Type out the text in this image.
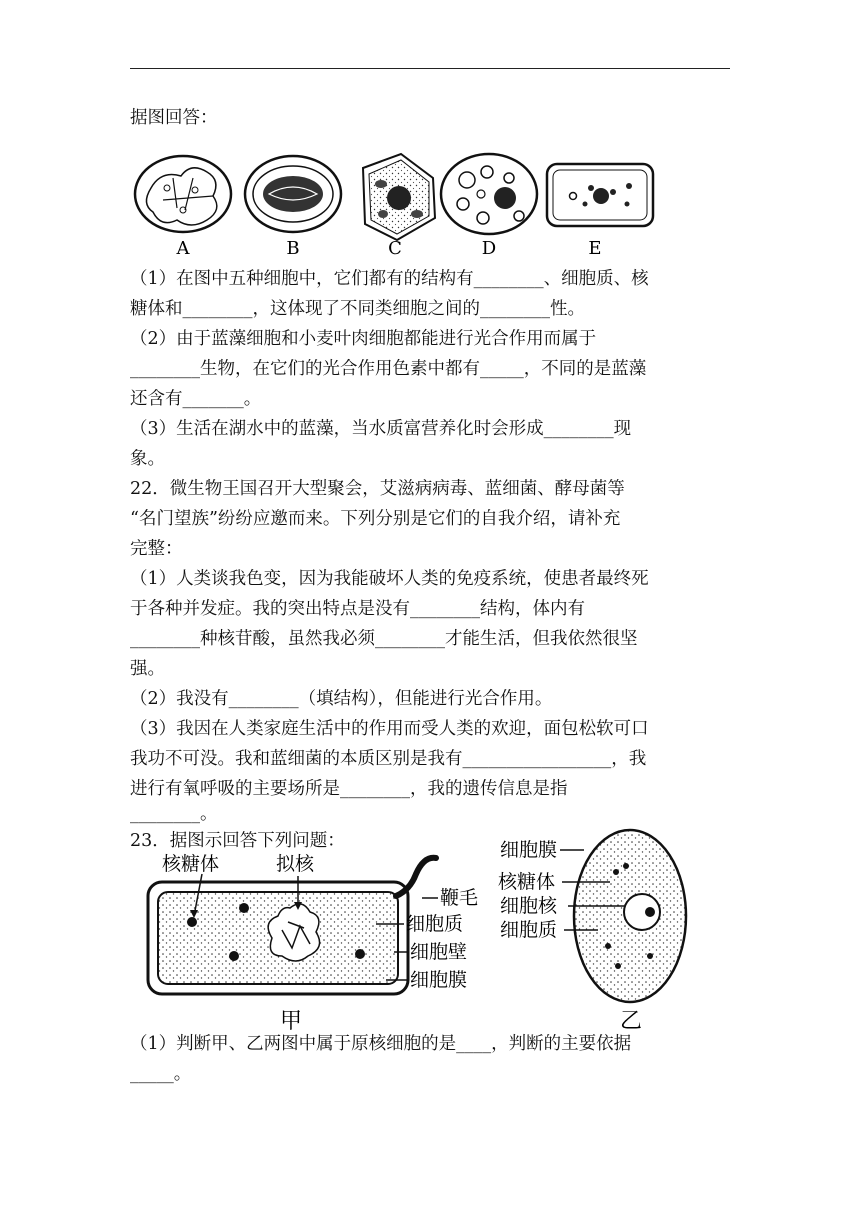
据图回答：
A	B	C	D	E
（1）在图中五种细胞中，它们都有的结构有________、细胞质、核
糖体和________，这体现了不同类细胞之间的________性。
（2）由于蓝藻细胞和小麦叶肉细胞都能进行光合作用而属于
________生物，在它们的光合作用色素中都有_____，不同的是蓝藻
还含有_______。
（3）生活在湖水中的蓝藻，当水质富营养化时会形成________现
象。
22．微生物王国召开大型聚会，艾滋病病毒、蓝细菌、酵母菌等
“名门望族”纷纷应邀而来。下列分别是它们的自我介绍，请补充
完整：
（1）人类谈我色变，因为我能破坏人类的免疫系统，使患者最终死
于各种并发症。我的突出特点是没有________结构，体内有
________种核苷酸，虽然我必须________才能生活，但我依然很坚
强。
（2）我没有________（填结构），但能进行光合作用。
（3）我因在人类家庭生活中的作用而受人类的欢迎，面包松软可口
我功不可没。我和蓝细菌的本质区别是我有_________________，我
进行有氧呼吸的主要场所是________，我的遗传信息是指
________。
23．据图示回答下列问题：
核糖体	拟核
鞭毛
细胞质
细胞壁
细胞膜
甲
细胞膜
核糖体
细胞核
细胞质
乙
（1）判断甲、乙两图中属于原核细胞的是____，判断的主要依据
_____。
